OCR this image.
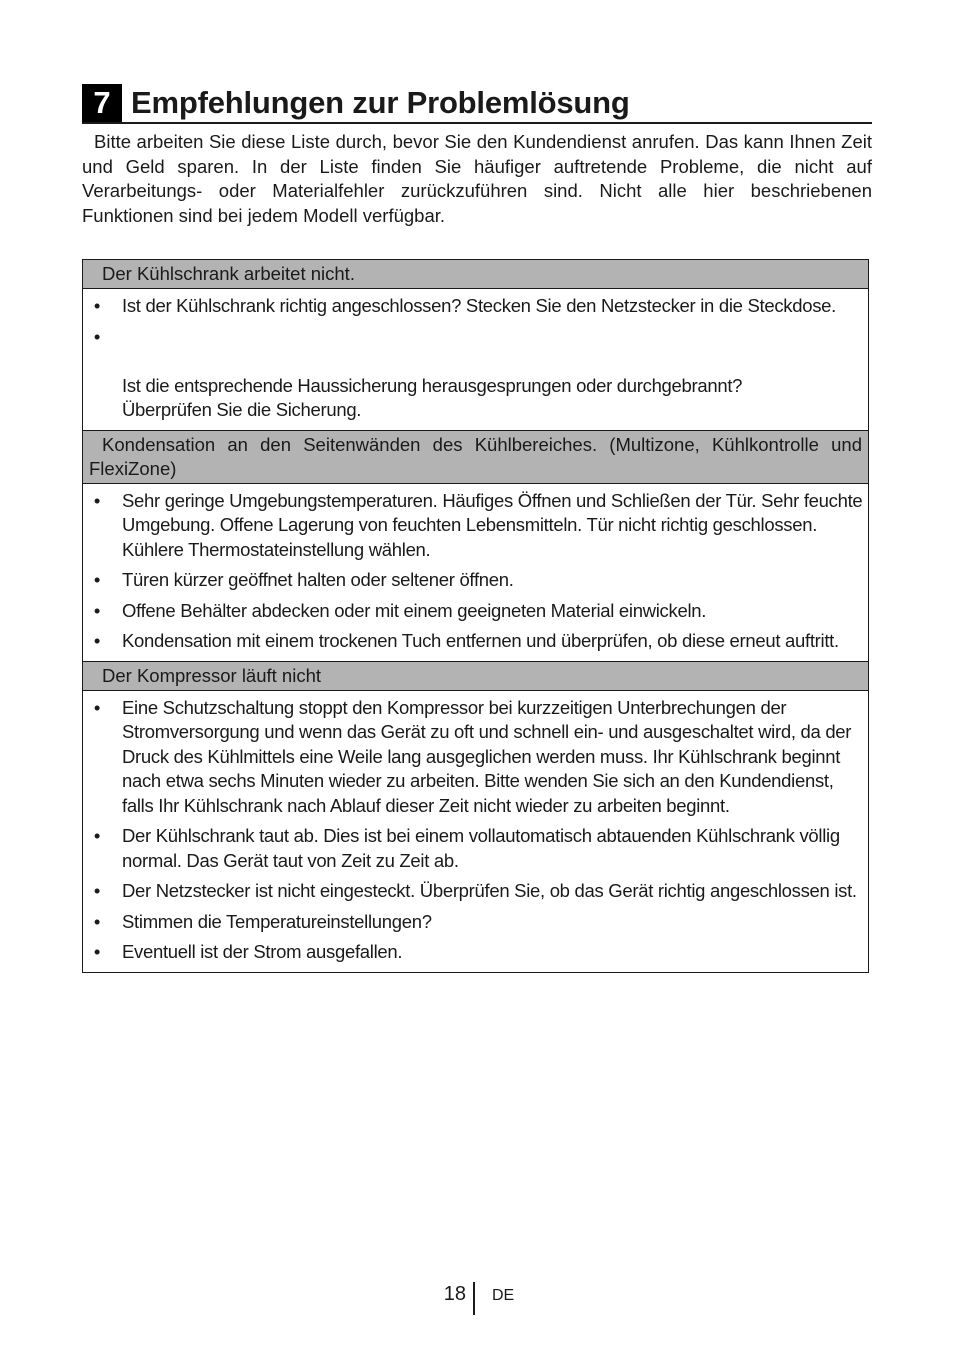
7 Empfehlungen zur Problemlösung

Bitte arbeiten Sie diese Liste durch, bevor Sie den Kundendienst anrufen. Das kann Ihnen Zeit und Geld sparen. In der Liste finden Sie häufiger auftretende Probleme, die nicht auf Verarbeitungs- oder Materialfehler zurückzuführen sind. Nicht alle hier beschriebenen Funktionen sind bei jedem Modell verfügbar.

Der Kühlschrank arbeitet nicht.
• Ist der Kühlschrank richtig angeschlossen? Stecken Sie den Netzstecker in die Steckdose.

•

Ist die entsprechende Haussicherung herausgesprungen oder durchgebrannt?
Überprüfen Sie die Sicherung.

Kondensation an den Seitenwänden des Kühlbereiches. (Multizone, Kühlkontrolle und FlexiZone)
• Sehr geringe Umgebungstemperaturen. Häufiges Öffnen und Schließen der Tür. Sehr feuchte Umgebung. Offene Lagerung von feuchten Lebensmitteln. Tür nicht richtig geschlossen. Kühlere Thermostateinstellung wählen.
• Türen kürzer geöffnet halten oder seltener öffnen.
• Offene Behälter abdecken oder mit einem geeigneten Material einwickeln.
• Kondensation mit einem trockenen Tuch entfernen und überprüfen, ob diese erneut auftritt.
Der Kompressor läuft nicht
• Eine Schutzschaltung stoppt den Kompressor bei kurzzeitigen Unterbrechungen der Stromversorgung und wenn das Gerät zu oft und schnell ein- und ausgeschaltet wird, da der Druck des Kühlmittels eine Weile lang ausgeglichen werden muss. Ihr Kühlschrank beginnt nach etwa sechs Minuten wieder zu arbeiten. Bitte wenden Sie sich an den Kundendienst, falls Ihr Kühlschrank nach Ablauf dieser Zeit nicht wieder zu arbeiten beginnt.
• Der Kühlschrank taut ab. Dies ist bei einem vollautomatisch abtauenden Kühlschrank völlig normal. Das Gerät taut von Zeit zu Zeit ab.
• Der Netzstecker ist nicht eingesteckt. Überprüfen Sie, ob das Gerät richtig angeschlossen ist.
• Stimmen die Temperatureinstellungen?
• Eventuell ist der Strom ausgefallen.
18 DE
